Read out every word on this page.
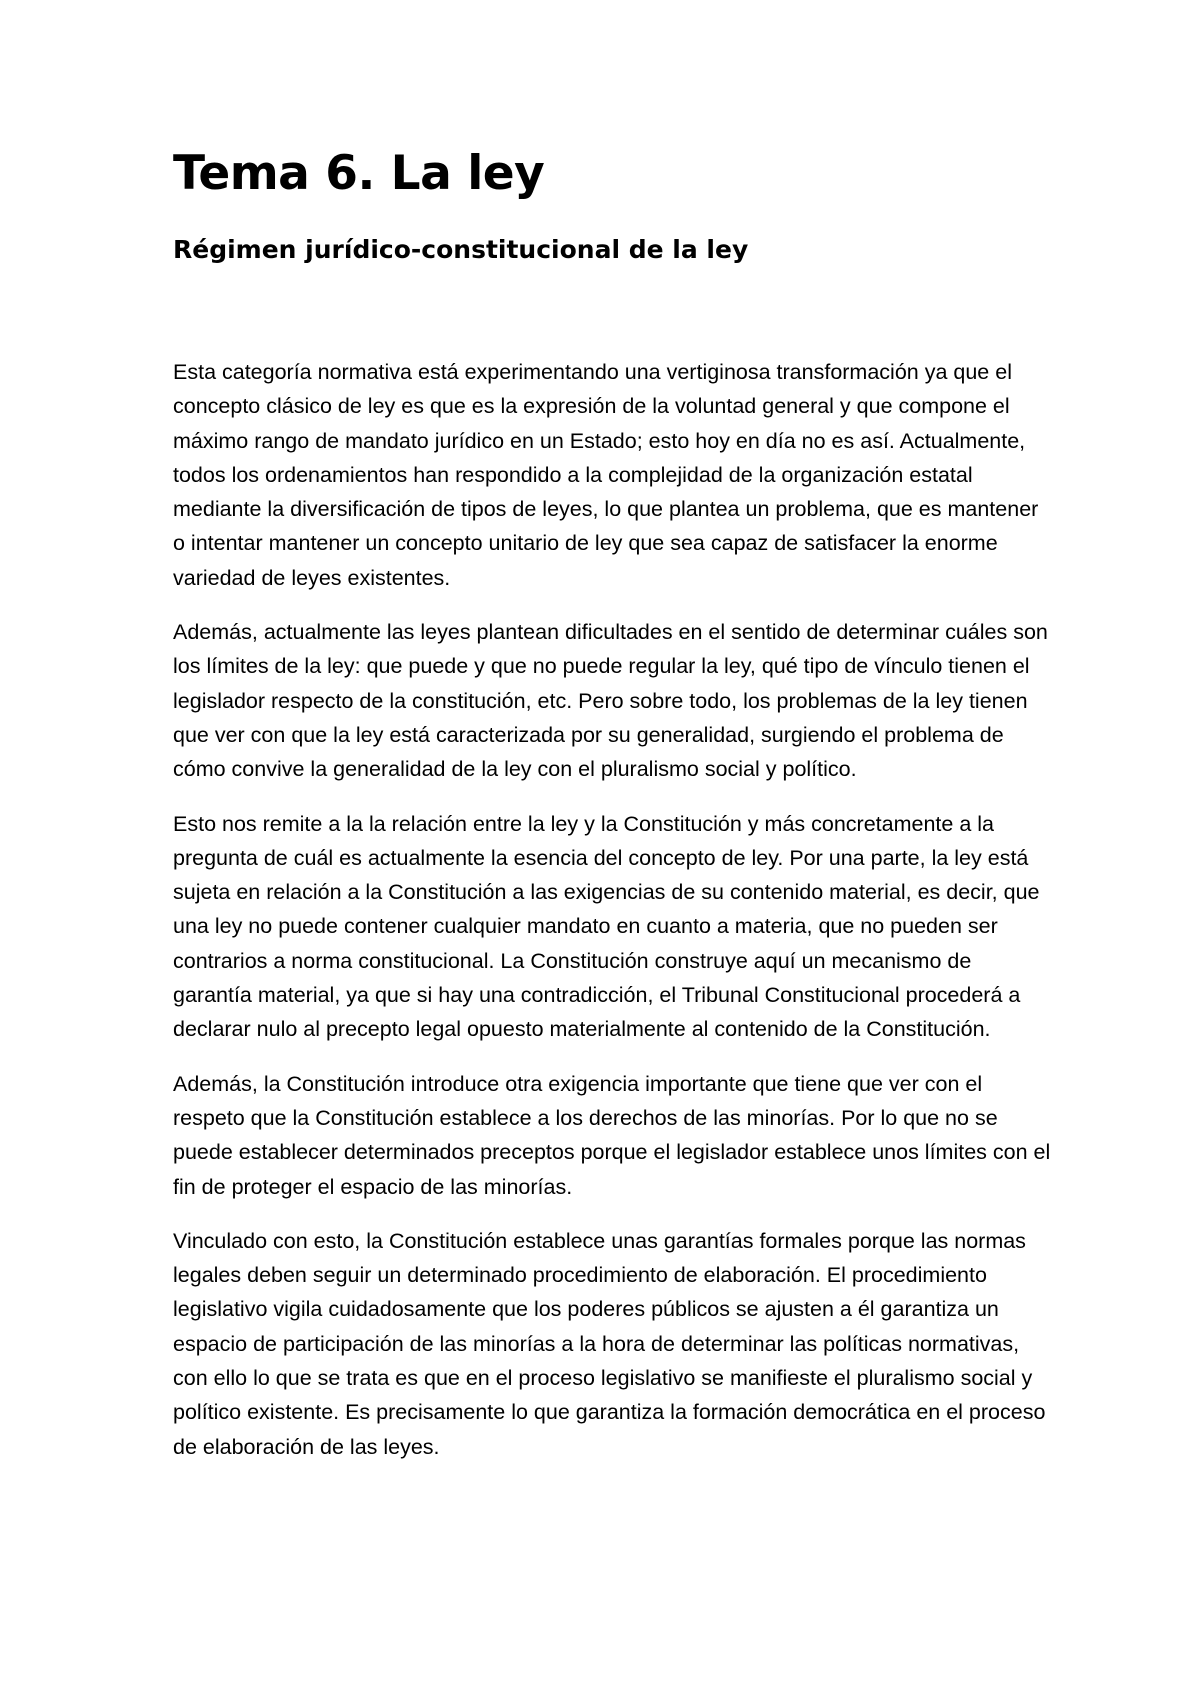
Tema 6. La ley
Régimen jurídico-constitucional de la ley

Esta categoría normativa está experimentando una vertiginosa transformación ya que el concepto clásico de ley es que es la expresión de la voluntad general y que compone el máximo rango de mandato jurídico en un Estado; esto hoy en día no es así. Actualmente, todos los ordenamientos han respondido a la complejidad de la organización estatal mediante la diversificación de tipos de leyes, lo que plantea un problema, que es mantener o intentar mantener un concepto unitario de ley que sea capaz de satisfacer la enorme variedad de leyes existentes.

Además, actualmente las leyes plantean dificultades en el sentido de determinar cuáles son los límites de la ley: que puede y que no puede regular la ley, qué tipo de vínculo tienen el legislador respecto de la constitución, etc. Pero sobre todo, los problemas de la ley tienen que ver con que la ley está caracterizada por su generalidad, surgiendo el problema de cómo convive la generalidad de la ley con el pluralismo social y político.

Esto nos remite a la la relación entre la ley y la Constitución y más concretamente a la pregunta de cuál es actualmente la esencia del concepto de ley. Por una parte, la ley está sujeta en relación a la Constitución a las exigencias de su contenido material, es decir, que una ley no puede contener cualquier mandato en cuanto a materia, que no pueden ser contrarios a norma constitucional. La Constitución construye aquí un mecanismo de garantía material, ya que si hay una contradicción, el Tribunal Constitucional procederá a declarar nulo al precepto legal opuesto materialmente al contenido de la Constitución.

Además, la Constitución introduce otra exigencia importante que tiene que ver con el respeto que la Constitución establece a los derechos de las minorías. Por lo que no se puede establecer determinados preceptos porque el legislador establece unos límites con el fin de proteger el espacio de las minorías.

Vinculado con esto, la Constitución establece unas garantías formales porque las normas legales deben seguir un determinado procedimiento de elaboración. El procedimiento legislativo vigila cuidadosamente que los poderes públicos se ajusten a él garantiza un espacio de participación de las minorías a la hora de determinar las políticas normativas, con ello lo que se trata es que en el proceso legislativo se manifieste el pluralismo social y político existente. Es precisamente lo que garantiza la formación democrática en el proceso de elaboración de las leyes.
